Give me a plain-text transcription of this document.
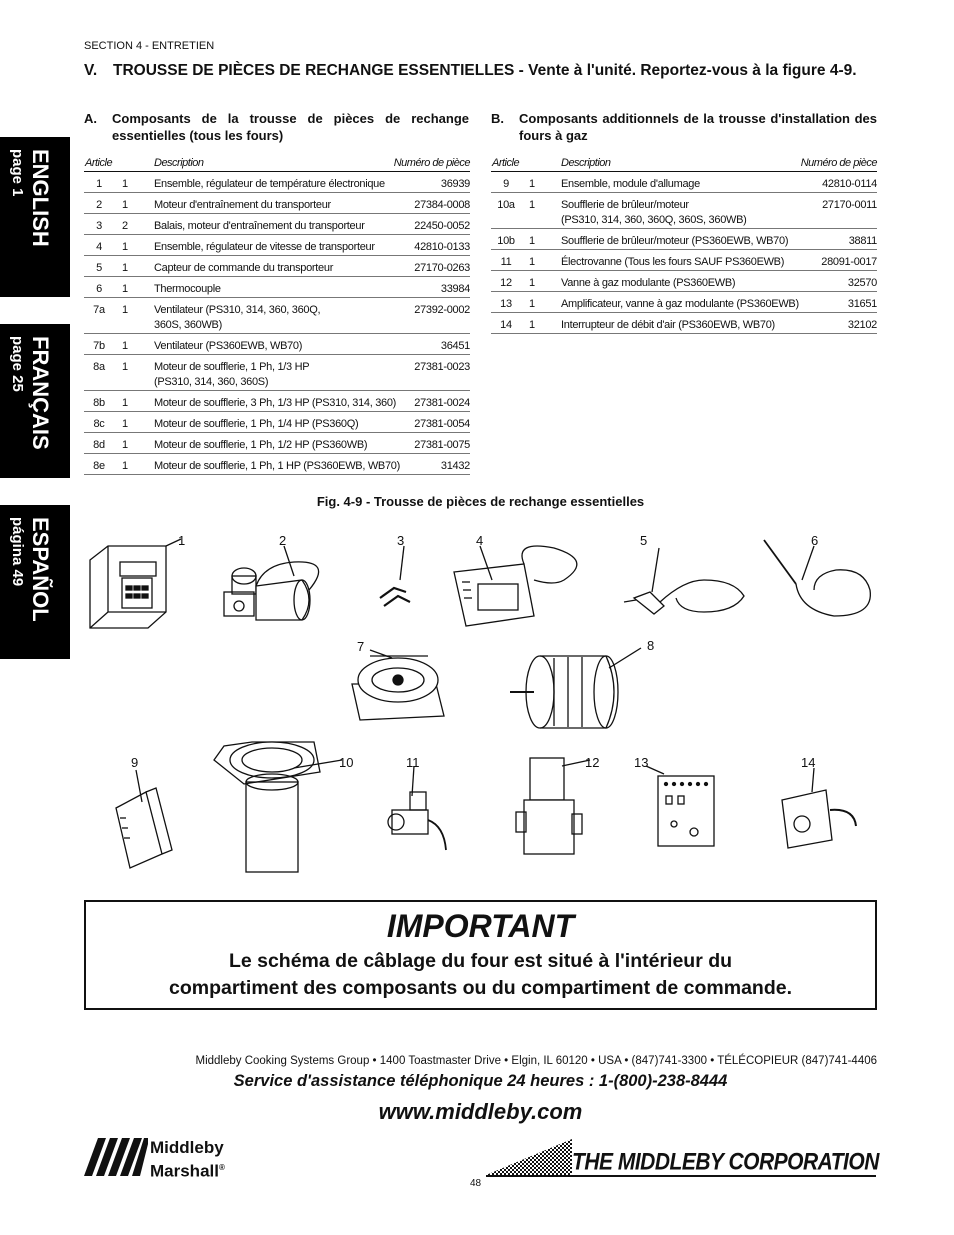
SECTION 4 - ENTRETIEN
V. TROUSSE DE PIÈCES DE RECHANGE ESSENTIELLES - Vente à l'unité. Reportez-vous à la figure 4-9.
A. Composants de la trousse de pièces de rechange essentielles (tous les fours)
B. Composants additionnels de la trousse d'installation des fours à gaz
Article	Description	Numéro de pièce
1	1 Ensemble, régulateur de température électronique	36939
2	1 Moteur d'entraînement du transporteur	27384-0008
3	2 Balais, moteur d'entraînement du transporteur	22450-0052
4	1 Ensemble, régulateur de vitesse de transporteur	42810-0133
5	1 Capteur de commande du transporteur	27170-0263
6	1 Thermocouple	33984
7a	1 Ventilateur (PS310, 314, 360, 360Q,	27392-0002
360S, 360WB)
7b	1 Ventilateur (PS360EWB, WB70)	36451
8a	1 Moteur de soufflerie, 1 Ph, 1/3 HP	27381-0023
(PS310, 314, 360, 360S)
8b	1 Moteur de soufflerie, 3 Ph, 1/3 HP (PS310, 314, 360) 27381-0024
8c	1 Moteur de soufflerie, 1 Ph, 1/4 HP (PS360Q)	27381-0054
8d	1 Moteur de soufflerie, 1 Ph, 1/2 HP (PS360WB)	27381-0075
8e	1 Moteur de soufflerie, 1 Ph, 1 HP (PS360EWB, WB70)	31432
Article	Description	Numéro de pièce
9	1 Ensemble, module d'allumage	42810-0114
10a	1 Soufflerie de brûleur/moteur	27170-0011
(PS310, 314, 360, 360Q, 360S, 360WB)
10b	1 Soufflerie de brûleur/moteur (PS360EWB, WB70)	38811
11	1 Électrovanne (Tous les fours SAUF PS360EWB)	28091-0017
12	1 Vanne à gaz modulante (PS360EWB)	32570
13	1 Amplificateur, vanne à gaz modulante (PS360EWB)	31651
14	1 Interrupteur de débit d'air (PS360EWB, WB70)	32102
ENGLISH
page 1
FRANÇAIS
page 25
ESPAÑOL
página 49
Fig. 4-9 - Trousse de pièces de rechange essentielles
1	2	3	4	5	6
7	8
9	10	11	12	13	14
IMPORTANT
Le schéma de câblage du four est situé à l'intérieur du
compartiment des composants ou du compartiment de commande.
Middleby Cooking Systems Group • 1400 Toastmaster Drive • Elgin, IL 60120 • USA • (847)741-3300 • TÉLÉCOPIEUR (847)741-4406
Service d'assistance téléphonique 24 heures : 1-(800)-238-8444
www.middleby.com
Middleby
Marshall®	THE MIDDLEBY CORPORATION
48
